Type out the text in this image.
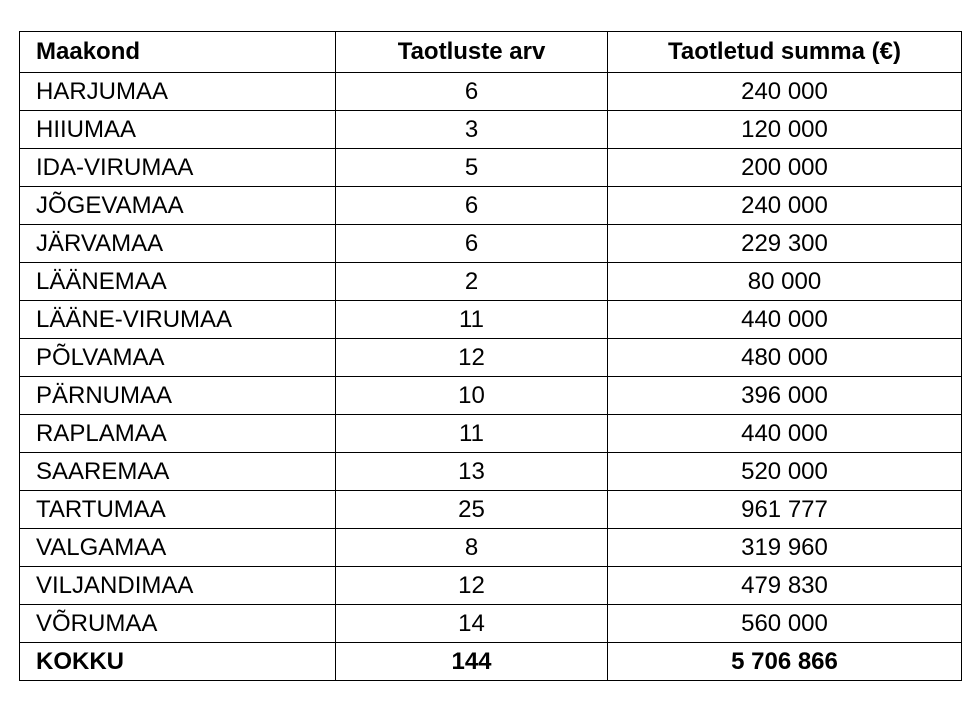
Maakond	Taotluste arv	Taotletud summa (€)
HARJUMAA	6	240 000
HIIUMAA	3	120 000
IDA-VIRUMAA	5	200 000
JÕGEVAMAA	6	240 000
JÄRVAMAA	6	229 300
LÄÄNEMAA	2	80 000
LÄÄNE-VIRUMAA	11	440 000
PÕLVAMAA	12	480 000
PÄRNUMAA	10	396 000
RAPLAMAA	11	440 000
SAAREMAA	13	520 000
TARTUMAA	25	961 777
VALGAMAA	8	319 960
VILJANDIMAA	12	479 830
VÕRUMAA	14	560 000
KOKKU	144	5 706 866
